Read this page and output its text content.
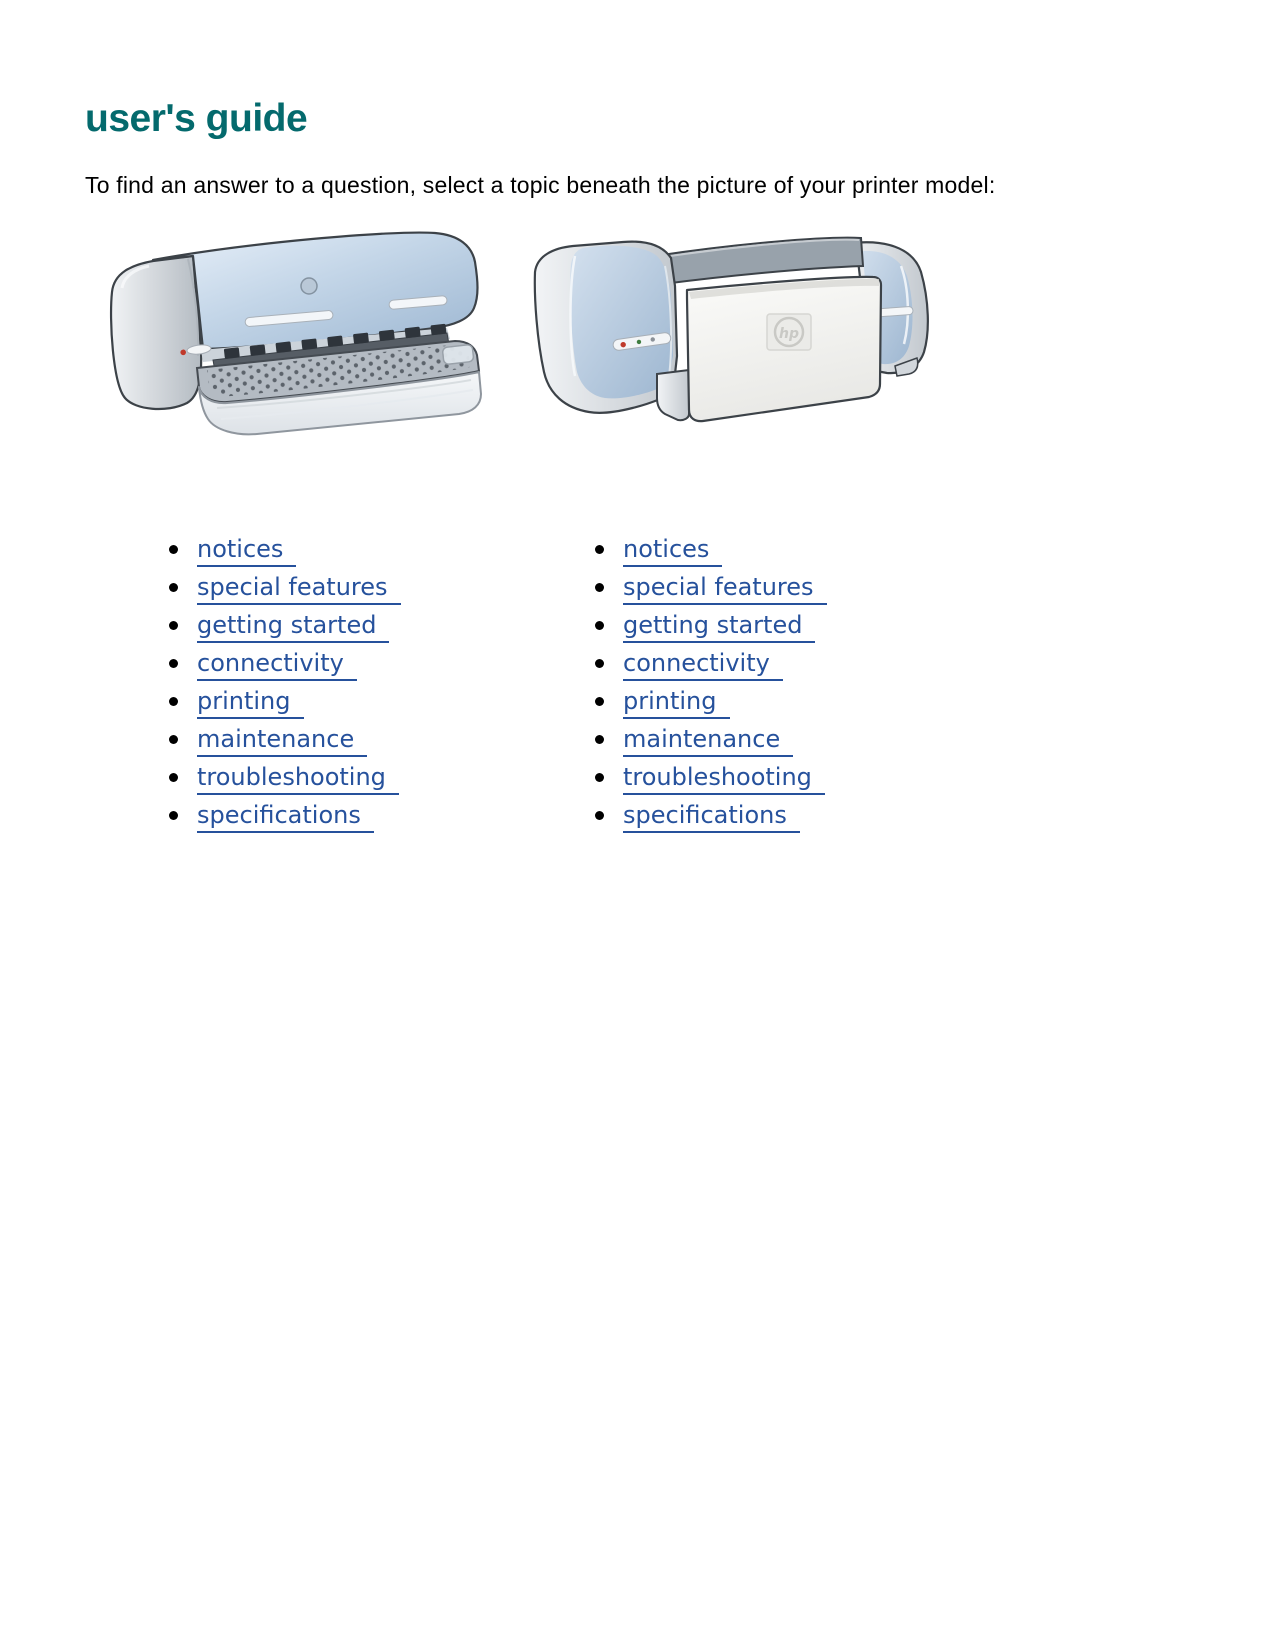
user's guide

To find an answer to a question, select a topic beneath the picture of your printer model:

hp
notices
special features
getting started
connectivity
printing
maintenance
troubleshooting
specifications
notices
special features
getting started
connectivity
printing
maintenance
troubleshooting
specifications
